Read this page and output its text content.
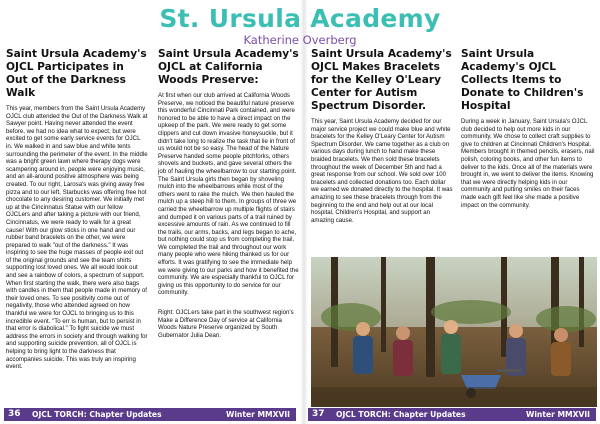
St. Ursula Academy
Katherine Overberg
Saint Ursula Academy's OJCL Participates in Out of the Darkness Walk

This year, members from the Saint Ursula Academy OJCL club attended the Out of the Darkness Walk at Sawyer point. Having never attended the event before, we had no idea what to expect, but were excited to get some early service events for OJCL in. We walked in and saw blue and white tents surrounding the perimeter of the event. In the middle was a bright green lawn where therapy dogs were scampering around in, people were enjoying music, and an all-around positive atmosphere was being created. To our right, Larosa's was giving away free pizza and to our left, Starbucks was offering free hot chocolate to any desiring customer. We initially met up at the Cincinnatus Statue with our fellow OJCLers and after taking a picture with our friend, Cincinnatus, we were ready to walk for a great cause! With our glow sticks in one hand and our rubber band bracelets on the other, we were prepared to walk "out of the darkness." It was inspiring to see the huge masses of people exit out of the original grounds and see the team shirts supporting lost loved ones. We all would look out and see a rainbow of colors, a spectrum of support. When first starting the walk, there were also bags with candles in them that people made in memory of their loved ones. To see positivity come out of negativity, those who attended agreed on how thankful we were for OJCL to bringing us to this incredible event. "To err is human, but to persist in that error is diabolical." To fight suicide we must address the errors in society and through walking for and supporting suicide prevention, all of OJCL is helping to bring light to the darkness that accompanies suicide. This was truly an inspiring event.

Saint Ursula Academy's OJCL at California Woods Preserve:

At first when our club arrived at California Woods Preserve, we noticed the beautiful nature preserve this wonderful Cincinnati Park contained, and were honored to be able to have a direct impact on the upkeep of the park. We were ready to get some clippers and cut down invasive honeysuckle, but it didn't take long to realize the task that lie in front of us would not be so easy. The head of the Nature Preserve handed some people pitchforks, others shovels and buckets, and gave several others the job of hauling the wheelbarrow to our starting point. The Saint Ursula girls then began by shoveling mulch into the wheelbarrows while most of the others went to rake the mulch. We then hauled the mulch up a steep hill to them. In groups of three we carried the wheelbarrow up multiple flights of stairs and dumped it on various parts of a trail ruined by excessive amounts of rain. As we continued to fill the trails, our arms, backs, and legs began to ache, but nothing could stop us from completing the trail. We completed the trail and throughout our work many people who were hiking thanked us for our efforts. It was gratifying to see the immediate help we were giving to our parks and how it benefited the community. We are especially thankful to OJCL for giving us this opportunity to do service for our community.

Right: OJCLers take part in the southwest region's Make a Difference Day of service at California Woods Nature Preserve organized by South Gubernator Julia Dean.

Saint Ursula Academy's OJCL Makes Bracelets for the Kelley O'Leary Center for Autism Spectrum Disorder.

This year, Saint Ursula Academy decided for our major service project we could make blue and white bracelets for the Kelley O'Leary Center for Autism Spectrum Disorder. We came together as a club on various days during lunch to hand make these braided bracelets. We then sold these bracelets throughout the week of December 5th and had a great response from our school. We sold over 100 bracelets and collected donations too. Each dollar we earned we donated directly to the hospital. It was amazing to see these bracelets through from the beginning to the end and help out at our local hospital, Children's Hospital, and support an amazing cause.

Saint Ursula Academy's OJCL Collects Items to Donate to Children's Hospital

During a week in January, Saint Ursula's OJCL club decided to help out more kids in our community. We chose to collect craft supplies to give to children at Cincinnati Children's Hospital. Members brought in themed pencils, erasers, nail polish, coloring books, and other fun items to deliver to the kids. Once all of the materials were brought in, we went to deliver the items. Knowing that we were directly helping kids in our community and putting smiles on their faces made each gift feel like she made a positive impact on the community.

36 OJCL TORCH: Chapter Updates	Winter MMXVII 37 OJCL TORCH: Chapter Updates	Winter MMXVII
